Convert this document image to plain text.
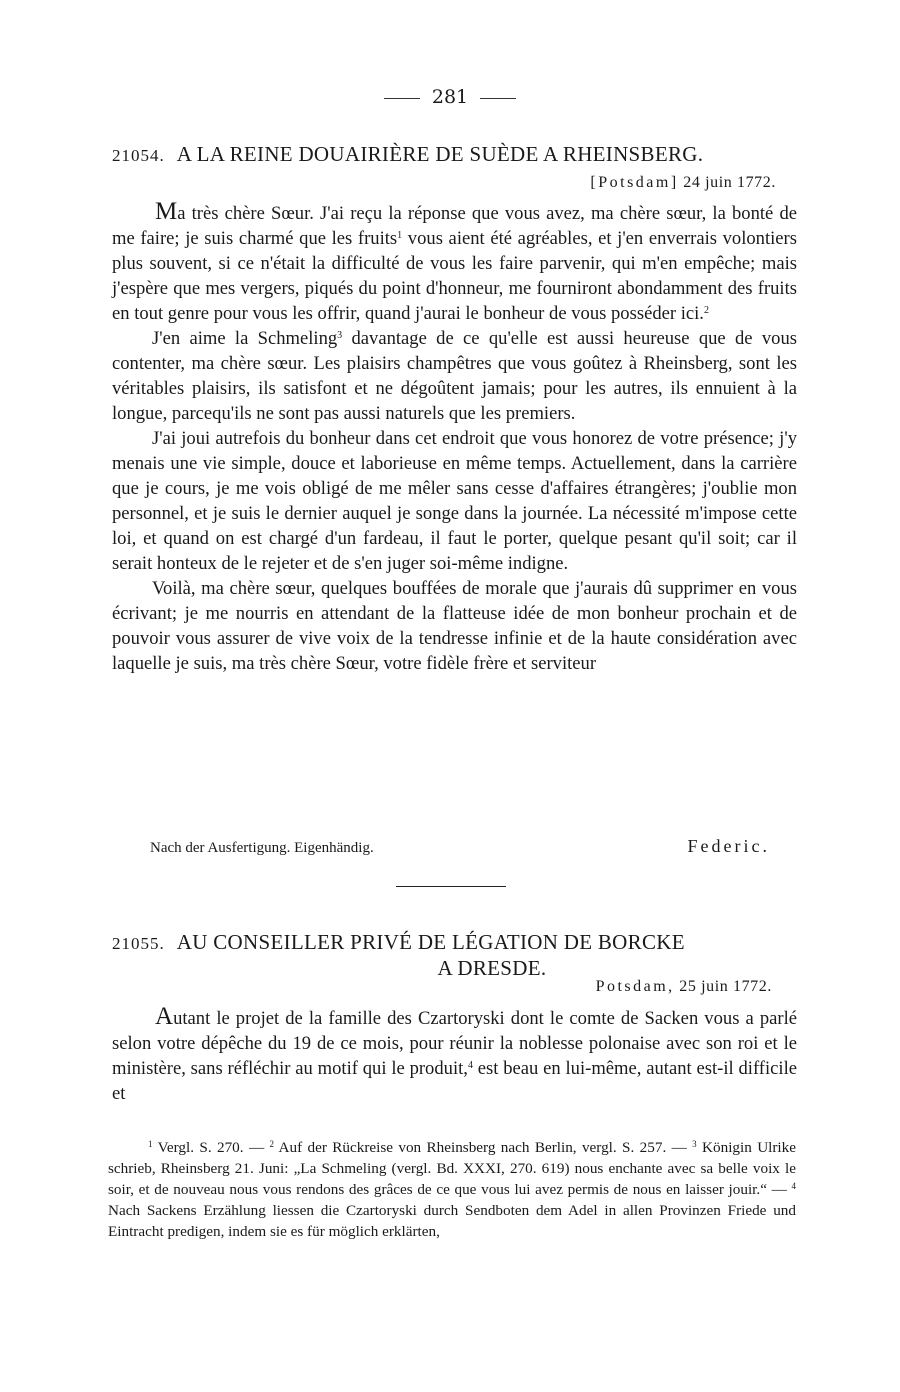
281
21054. A LA REINE DOUAIRIÈRE DE SUÈDE A RHEINSBERG.
[Potsdam] 24 juin 1772.

Ma très chère Sœur. J'ai reçu la réponse que vous avez, ma chère sœur, la bonté de me faire; je suis charmé que les fruits$^1$ vous aient été agréables, et j'en enverrais volontiers plus souvent, si ce n'était la difficulté de vous les faire parvenir, qui m'en empêche; mais j'espère que mes vergers, piqués du point d'honneur, me fourniront abondamment des fruits en tout genre pour vous les offrir, quand j'aurai le bonheur de vous posséder ici.$^2$

J'en aime la Schmeling$^3$ davantage de ce qu'elle est aussi heureuse que de vous contenter, ma chère sœur. Les plaisirs champêtres que vous goûtez à Rheinsberg, sont les véritables plaisirs, ils satisfont et ne dégoûtent jamais; pour les autres, ils ennuient à la longue, parcequ'ils ne sont pas aussi naturels que les premiers.

J'ai joui autrefois du bonheur dans cet endroit que vous honorez de votre présence; j'y menais une vie simple, douce et laborieuse en même temps. Actuellement, dans la carrière que je cours, je me vois obligé de me mêler sans cesse d'affaires étrangères; j'oublie mon personnel, et je suis le dernier auquel je songe dans la journée. La nécessité m'impose cette loi, et quand on est chargé d'un fardeau, il faut le porter, quelque pesant qu'il soit; car il serait honteux de le rejeter et de s'en juger soi-même indigne.

Voilà, ma chère sœur, quelques bouffées de morale que j'aurais dû supprimer en vous écrivant; je me nourris en attendant de la flatteuse idée de mon bonheur prochain et de pouvoir vous assurer de vive voix de la tendresse infinie et de la haute considération avec laquelle je suis, ma très chère Sœur, votre fidèle frère et serviteur

Nach der Ausfertigung. Eigenhändig.	Federic.
21055. AU CONSEILLER PRIVÉ DE LÉGATION DE BORCKE
A DRESDE.
Potsdam, 25 juin 1772.

Autant le projet de la famille des Czartoryski dont le comte de Sacken vous a parlé selon votre dépêche du 19 de ce mois, pour réunir la noblesse polonaise avec son roi et le ministère, sans réfléchir au motif qui le produit,$^4$ est beau en lui-même, autant est-il difficile et

$^1$ Vergl. S. 270. — $^2$ Auf der Rückreise von Rheinsberg nach Berlin, vergl. S. 257. — $^3$ Königin Ulrike schrieb, Rheinsberg 21. Juni: „La Schmeling (vergl. Bd. XXXI, 270. 619) nous enchante avec sa belle voix le soir, et de nouveau nous vous rendons des grâces de ce que vous lui avez permis de nous en laisser jouir.“ — $^4$ Nach Sackens Erzählung liessen die Czartoryski durch Sendboten dem Adel in allen Provinzen Friede und Eintracht predigen, indem sie es für möglich erklärten,
